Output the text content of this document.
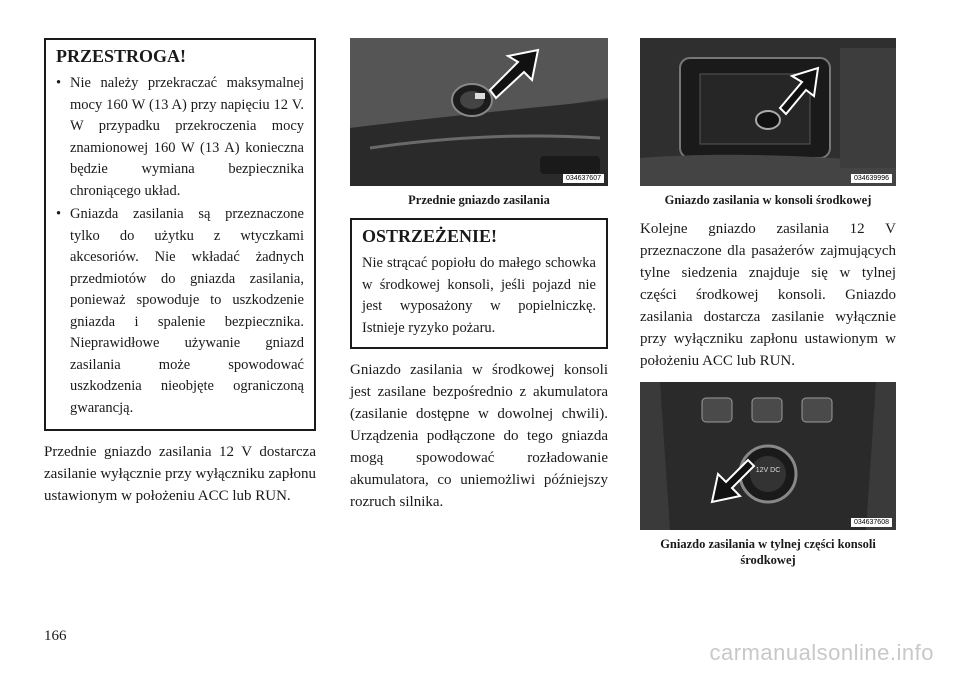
PRZESTROGA!
• Nie należy przekraczać maksymalnej mocy 160 W (13 A) przy napięciu 12 V. W przypadku przekroczenia mocy znamionowej 160 W (13 A) konieczna będzie wymiana bezpiecznika chroniącego układ.
• Gniazda zasilania są przeznaczone tylko do użytku z wtyczkami akcesoriów. Nie wkładać żadnych przedmiotów do gniazda zasilania, ponieważ spowoduje to uszkodzenie gniazda i spalenie bezpiecznika. Nieprawidłowe używanie gniazd zasilania może spowodować uszkodzenia nieobjęte ograniczoną gwarancją.
Przednie gniazdo zasilania 12 V dostarcza zasilanie wyłącznie przy wyłączniku zapłonu ustawionym w położeniu ACC lub RUN.
034637607
Przednie gniazdo zasilania
OSTRZEŻENIE!
Nie strącać popiołu do małego schowka w środkowej konsoli, jeśli pojazd nie jest wyposażony w popielniczkę. Istnieje ryzyko pożaru.
Gniazdo zasilania w środkowej konsoli jest zasilane bezpośrednio z akumulatora (zasilanie dostępne w dowolnej chwili). Urządzenia podłączone do tego gniazda mogą spowodować rozładowanie akumulatora, co uniemożliwi późniejszy rozruch silnika.
034639996
Gniazdo zasilania w konsoli środkowej
Kolejne gniazdo zasilania 12 V przeznaczone dla pasażerów zajmujących tylne siedzenia znajduje się w tylnej części środkowej konsoli. Gniazdo zasilania dostarcza zasilanie wyłącznie przy wyłączniku zapłonu ustawionym w położeniu ACC lub RUN.
12V DC
034637608
Gniazdo zasilania w tylnej części konsoli środkowej
166
carmanualsonline.info
